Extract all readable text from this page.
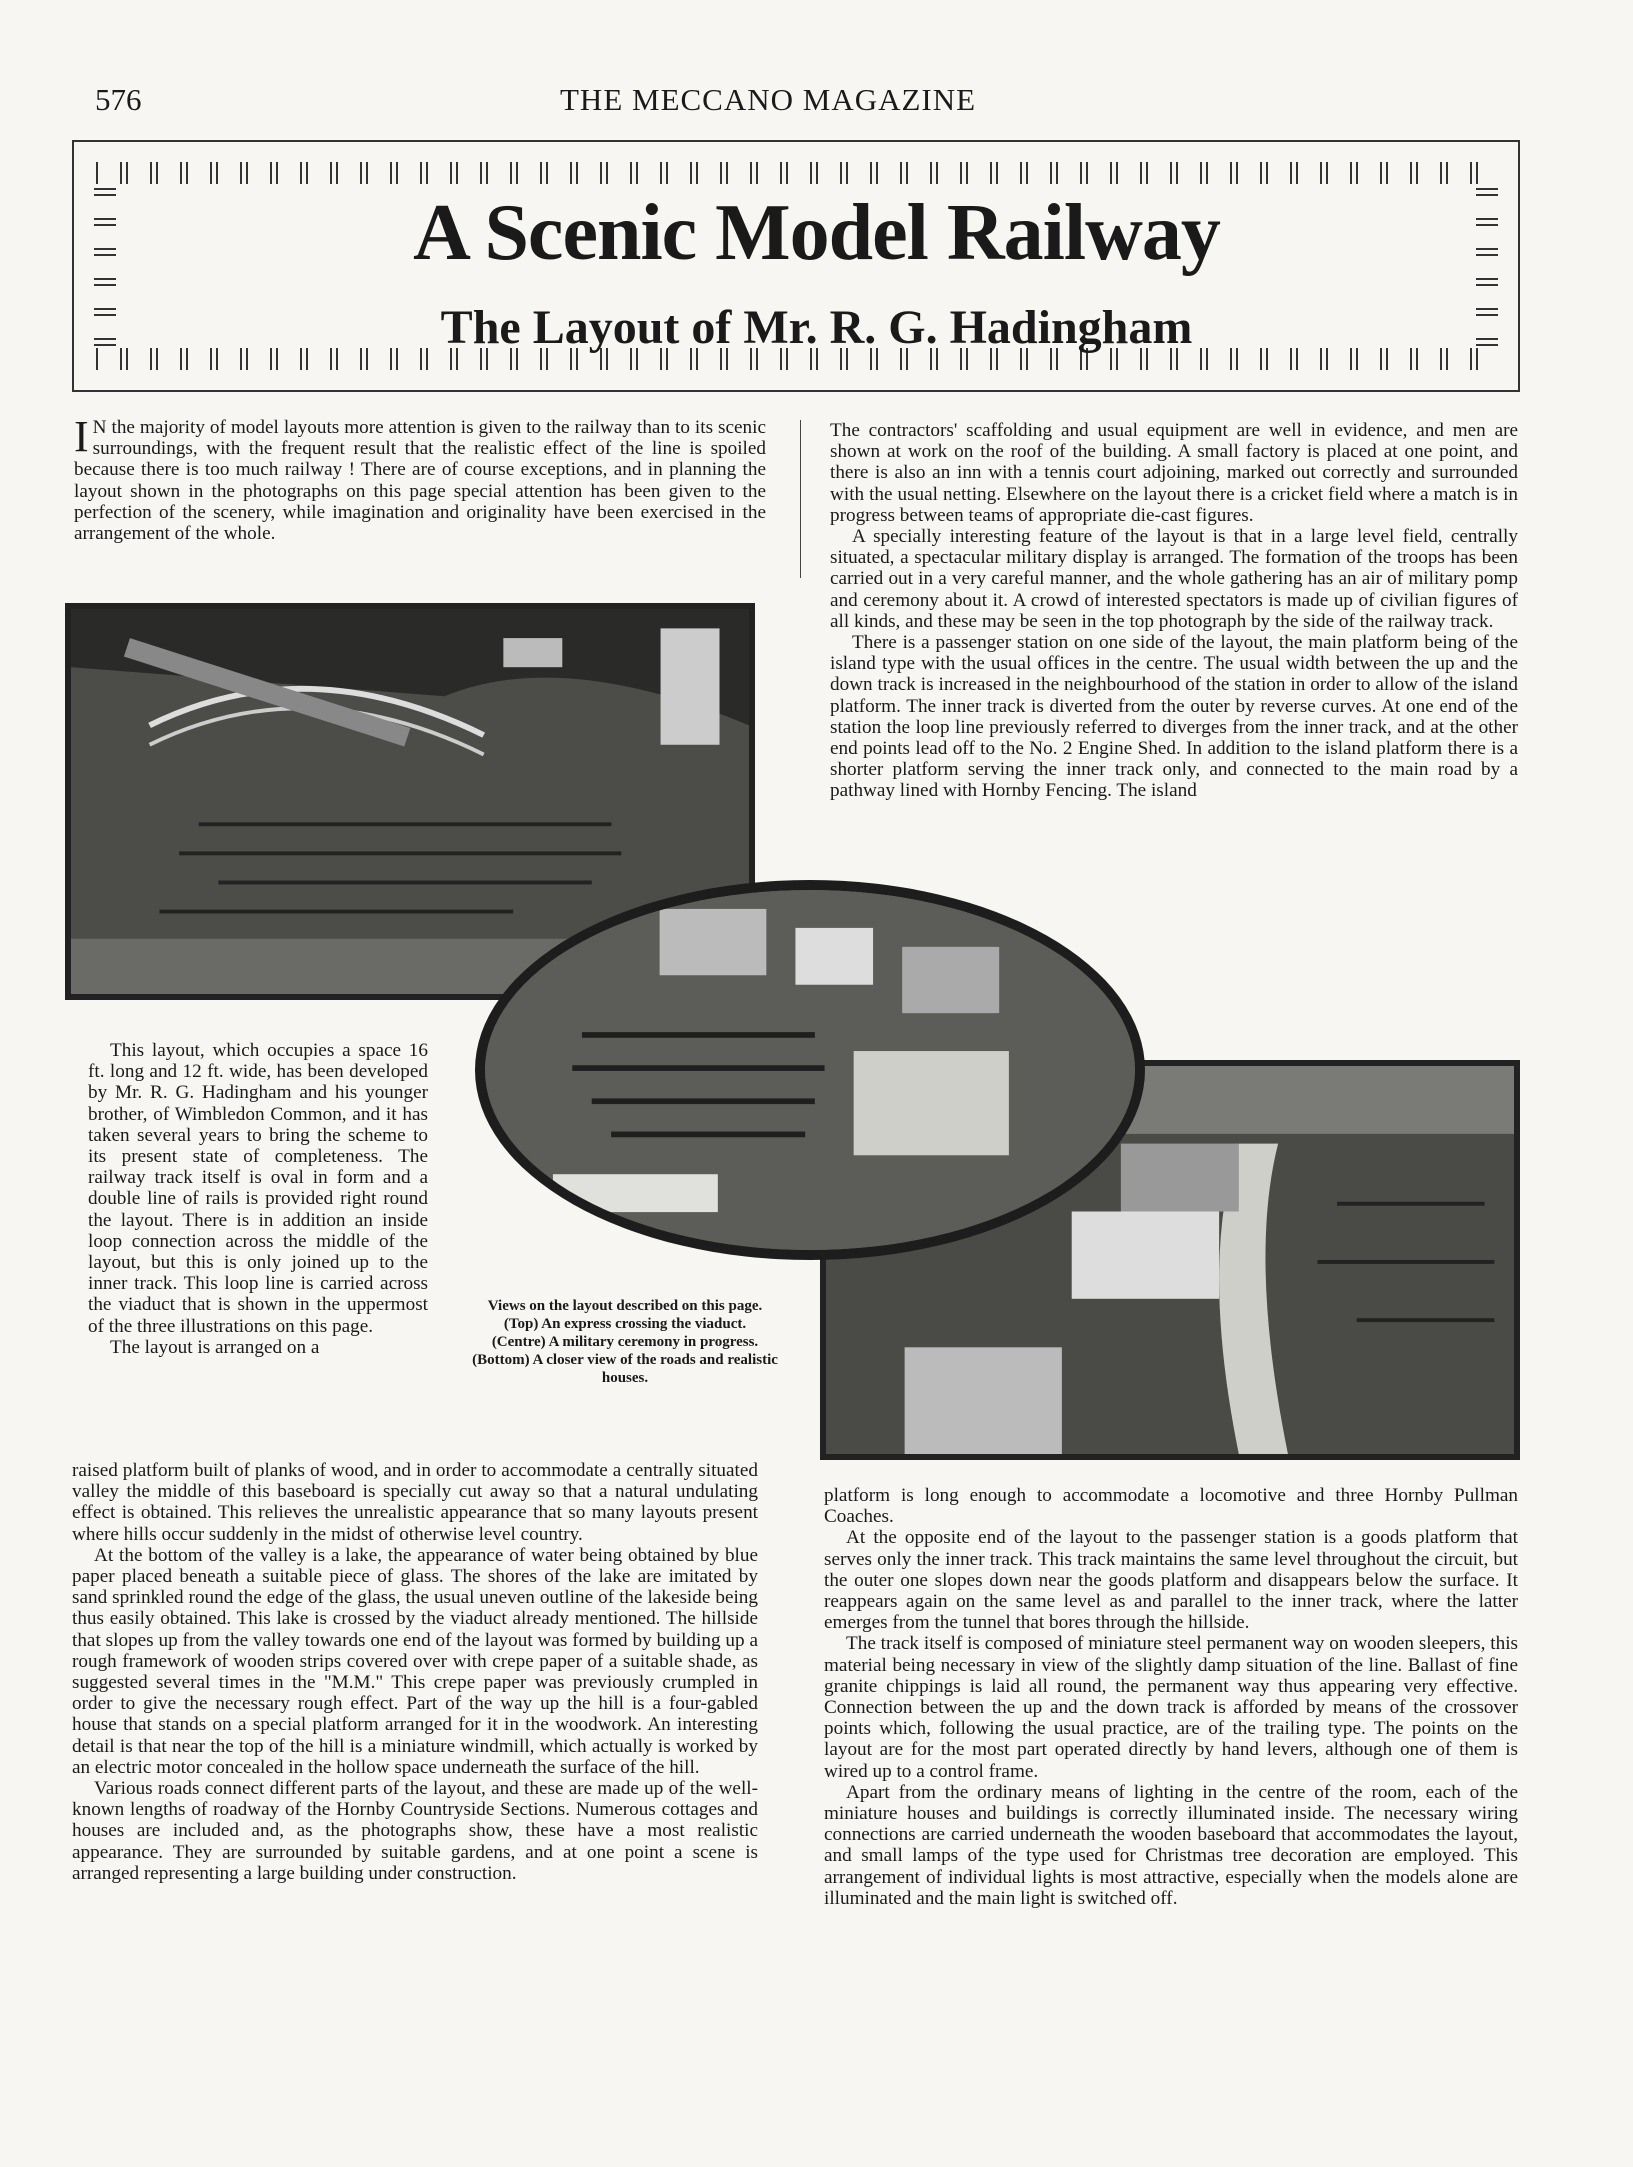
576	THE MECCANO MAGAZINE
A Scenic Model Railway
The Layout of Mr. R. G. Hadingham

I N the majority of model layouts more attention is given to the railway than to its scenic surroundings, with the frequent result that the realistic effect of the line is spoiled because there is too much railway ! There are of course exceptions, and in planning the layout shown in the photographs on this page special attention has been given to the perfection of the scenery, while imagination and originality have been exercised in the arrangement of the whole.

The contractors' scaffolding and usual equipment are well in evidence, and men are shown at work on the roof of the building. A small factory is placed at one point, and there is also an inn with a tennis court adjoining, marked out correctly and surrounded with the usual netting. Elsewhere on the layout there is a cricket field where a match is in progress between teams of appropriate die-cast figures.

A specially interesting feature of the layout is that in a large level field, centrally situated, a spectacular military display is arranged. The formation of the troops has been carried out in a very careful manner, and the whole gathering has an air of military pomp and ceremony about it. A crowd of interested spectators is made up of civilian figures of all kinds, and these may be seen in the top photograph by the side of the railway track.

There is a passenger station on one side of the layout, the main platform being of the island type with the usual offices in the centre. The usual width between the up and the down track is increased in the neighbourhood of the station in order to allow of the island platform. The inner track is diverted from the outer by reverse curves. At one end of the station the loop line previously referred to diverges from the inner track, and at the other end points lead off to the No. 2 Engine Shed. In addition to the island platform there is a shorter platform serving the inner track only, and connected to the main road by a pathway lined with Hornby Fencing. The island

This layout, which occupies a space 16 ft. long and 12 ft. wide, has been developed by Mr. R. G. Hadingham and his younger brother, of Wimbledon Common, and it has taken several years to bring the scheme to its present state of completeness. The railway track itself is oval in form and a double line of rails is provided right round the layout. There is in addition an inside loop connection across the middle of the layout, but this is only joined up to the inner track. This loop line is carried across the viaduct that is shown in the uppermost of the three illustrations on this page.

The layout is arranged on a

Views on the layout described on this page.
(Top) An express crossing the viaduct.
(Centre) A military ceremony in progress.
(Bottom) A closer view of the roads and realistic houses.

raised platform built of planks of wood, and in order to accommodate a centrally situated valley the middle of this baseboard is specially cut away so that a natural undulating effect is obtained. This relieves the unrealistic appearance that so many layouts present where hills occur suddenly in the midst of otherwise level country.

At the bottom of the valley is a lake, the appearance of water being obtained by blue paper placed beneath a suitable piece of glass. The shores of the lake are imitated by sand sprinkled round the edge of the glass, the usual uneven outline of the lakeside being thus easily obtained. This lake is crossed by the viaduct already mentioned. The hillside that slopes up from the valley towards one end of the layout was formed by building up a rough framework of wooden strips covered over with crepe paper of a suitable shade, as suggested several times in the "M.M." This crepe paper was previously crumpled in order to give the necessary rough effect. Part of the way up the hill is a four-gabled house that stands on a special platform arranged for it in the woodwork. An interesting detail is that near the top of the hill is a miniature windmill, which actually is worked by an electric motor concealed in the hollow space underneath the surface of the hill.

Various roads connect different parts of the layout, and these are made up of the well-known lengths of roadway of the Hornby Countryside Sections. Numerous cottages and houses are included and, as the photographs show, these have a most realistic appearance. They are surrounded by suitable gardens, and at one point a scene is arranged representing a large building under construction.

platform is long enough to accommodate a locomotive and three Hornby Pullman Coaches.

At the opposite end of the layout to the passenger station is a goods platform that serves only the inner track. This track maintains the same level throughout the circuit, but the outer one slopes down near the goods platform and disappears below the surface. It reappears again on the same level as and parallel to the inner track, where the latter emerges from the tunnel that bores through the hillside.

The track itself is composed of miniature steel permanent way on wooden sleepers, this material being necessary in view of the slightly damp situation of the line. Ballast of fine granite chippings is laid all round, the permanent way thus appearing very effective. Connection between the up and the down track is afforded by means of the crossover points which, following the usual practice, are of the trailing type. The points on the layout are for the most part operated directly by hand levers, although one of them is wired up to a control frame.

Apart from the ordinary means of lighting in the centre of the room, each of the miniature houses and buildings is correctly illuminated inside. The necessary wiring connections are carried underneath the wooden baseboard that accommodates the layout, and small lamps of the type used for Christmas tree decoration are employed. This arrangement of individual lights is most attractive, especially when the models alone are illuminated and the main light is switched off.
